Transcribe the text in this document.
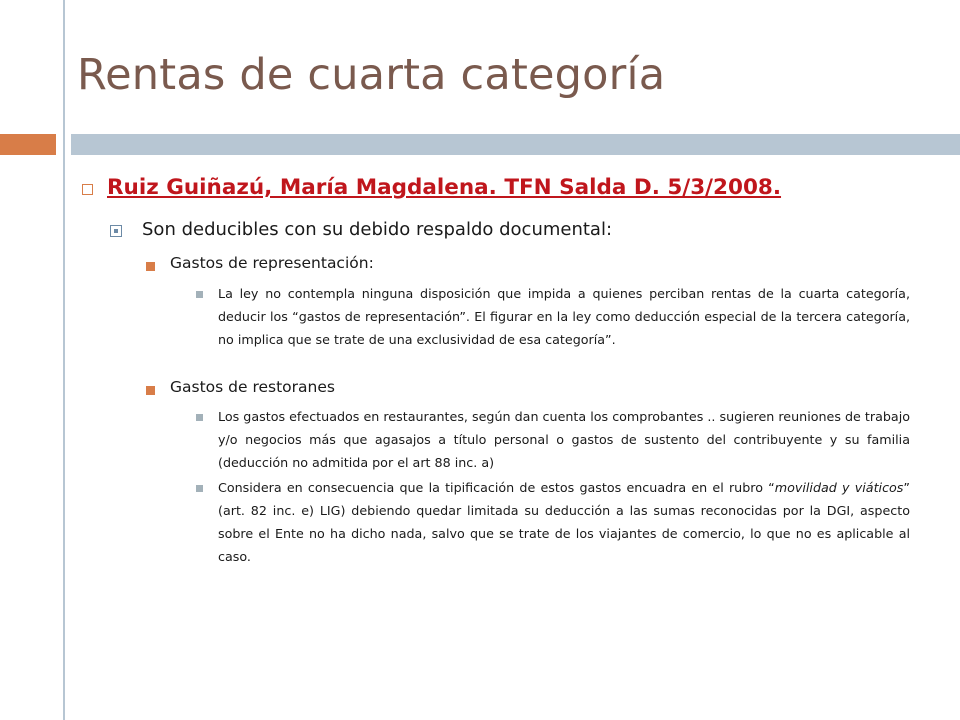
Rentas de cuarta categoría
Ruiz Guiñazú, María Magdalena. TFN Salda D. 5/3/2008.

Son deducibles con su debido respaldo documental:

Gastos de representación:

La ley no contempla ninguna disposición que impida a quienes perciban rentas de la cuarta categoría, deducir los “gastos de representación”. El figurar en la ley como deducción especial de la tercera categoría, no implica que se trate de una exclusividad de esa categoría”.

Gastos de restoranes

Los gastos efectuados en restaurantes, según dan cuenta los comprobantes .. sugieren reuniones de trabajo y/o negocios más que agasajos a título personal o gastos de sustento del contribuyente y su familia (deducción no admitida por el art 88 inc. a)

Considera en consecuencia que la tipificación de estos gastos encuadra en el rubro “movilidad y viáticos” (art. 82 inc. e) LIG) debiendo quedar limitada su deducción a las sumas reconocidas por la DGI, aspecto sobre el Ente no ha dicho nada, salvo que se trate de los viajantes de comercio, lo que no es aplicable al caso.
